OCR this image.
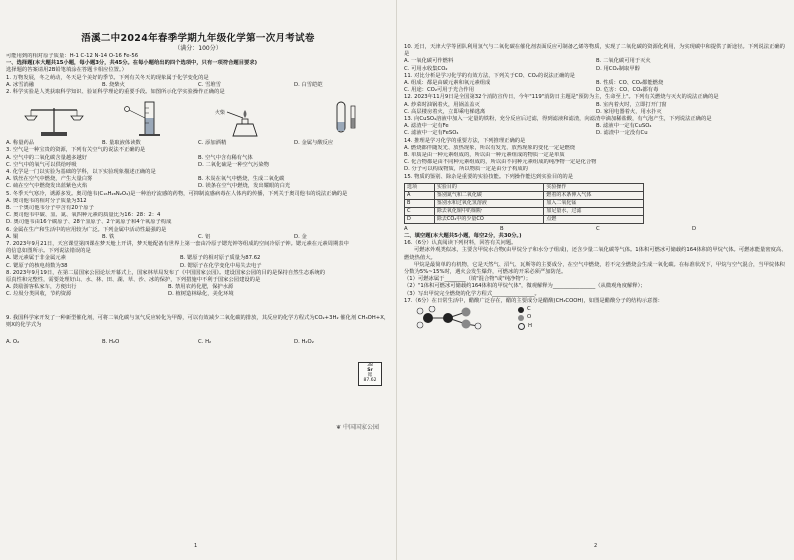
浯溪二中2024年春季学期九年级化学第一次月考试卷
（满分：100分）
可能用到的相对原子质量：H-1 C-12 N-14 O-16 Fe-56
一、选择题(本大题共15小题，每小题3分，共45分。在每小题给出的四个选项中，只有一项符合题目要求)
选择题的答案请用2B铅笔填涂在答题卡相应位置。）
1. 万物发展，冬之萌动，冬天是个美好的季节。下列有关冬天的现象属于化学变化的是
A. 冰雪消融	B. 烧柴火	C. 雪堆雪	D. 白雪皑皑
2. 科学实验是人类获取科学知识、验证科学理论的重要手段。如图所示化学实验操作正确的是
火柴
A. 称量药品	B. 量取液体读数	C. 添加酒精	D. 金属与酸反应
3. 空气是一种宝贵的资源，下列有关空气的说法不正确的是
A. 空气中的二氧化碳含量越多越好	B. 空气中含有稀有气体
C. 空气中的氧气可以供给呼吸	D. 二氧化硫是一种空气污染物
4. 化学是一门以实验为基础的学科，以下实验现象描述正确的是
A. 铁丝在空气中燃烧，产生大量白雾	B. 木炭在氧气中燃烧，生成二氧化碳
C. 硫在空气中燃烧发出蓝紫色火焰	D. 镁条在空气中燃烧，发出耀眼的白光
5. 冬季天气寒冷，诱源多发。奥司他韦(C₁₆H₂₈N₂O₄)是一种治疗流感的药物，可抑制流感病毒在人体内的传播，下列关于奥司他韦的说法正确的是
A. 奥司他韦的相对分子质量为312
B. 一个奥司他韦分子中含有20个原子
C. 奥司他韦中碳、氢、氮、氧四种元素的质量比为16：28：2：4
D. 奥司他韦由16个碳原子、28个氢原子、2个氮原子和4个氧原子构成
6. 金属在生产和生活中的应用较为广泛。下列金属中活动性最强的是
A. 铜	B. 铁	C. 铝	D. 金
7. 2023年9月21日，天宫课堂第四课在梦天舱上开讲，梦天舱配备有世界上第一套由冷原子锶光钟等组成的空间冷原子钟。锶元素在元素周期表中的信息如图所示。下列说法错误的是
A. 锶元素属于非金属元素	B. 锶原子的相对原子质量为87.62
C. 锶原子的核电荷数为38	D. 锶原子在化学变化中易失去电子
38
Sr
锶
87.62
8. 2023年9月19日，在第二届国家公园论坛开幕式上，国家林草局发布了《中国国家公园》。建设国家公园的目的是保持自然生态系统的原真性和完整性，需要处理好山、水、林、田、湖、草、沙、冰的保护，下列措施中不利于国家公园建设的是
A. 鼓励游客私家车，方便出行	B. 禁用农药化肥，保护水源
C. 垃圾分类回收，节约资源	D. 植树造林绿化，美化环境
❦ 中国国家公园
9. 我国科学家开发了一种新型催化剂，可将二氧化碳与氢气反应转化为甲醇，可以有效减少二氧化碳的排放，其反应的化学方程式为CO₂+3H₂ 催化剂 CH₃OH+X，则X的化学式为
A. O₂	B. H₂O	C. H₂	D. H₂O₂
1
10. 近日，天津大学等团队利用氢气与二氧化碳在催化剂表面反应可制备乙烯等物质，实现了二氧化碳的资源化利用，为实现碳中和提供了新途径。下列说法正确的是
A. 一氧化碳可作燃料	B. 二氧化碳可用于灭火
C. 可用水收集CO₂	D. 用CO₂制取甲醇
11. 对比分析是学习化学的有效方法，下列关于CO、CO₂的说法正确的是
A. 组成：都是由碳元素和氧元素组成	B. 性质：CO、CO₂都能燃烧
C. 用途：CO₂可用于光合作用	D. 危害：CO、CO₂都有毒
12. 2023年11月9日是全国第32个消防宣传日，今年"119"消防日主题是"预防为主，生命至上"。下列有关燃烧与灭火的说法正确的是
A. 炒菜时油锅着火，用锅盖盖灭	B. 室内着火时，立即打开门窗
C. 高层楼房着火，立即乘电梯逃离	D. 家用电器着火，用水扑灭
13. 向CuSO₄溶液中加入一定量的铁粉，充分反应后过滤，得到滤液和滤渣，向滤渣中滴加稀盐酸，有气泡产生，下列说法正确的是
A. 滤渣中一定有Fe	B. 滤液中一定有CuSO₄
C. 滤液中一定有FeSO₄	D. 滤渣中一定没有Cu
14. 推理是学习化学的重要方法，下列推理正确的是
A. 燃烧都伴随发光、放热现象，所以有发光、放热现象的变化一定是燃烧
B. 单质是由一种元素组成的，所以由一种元素组成的物质一定是单质
C. 化合物都是由不同种元素组成的，所以由不同种元素组成的纯净物一定是化合物
D. 分子可以构成物质，所以物质一定是由分子构成的
15. 物质的鉴别、除杂是重要的实验技能。下列操作能达到实验目的的是
选项	实验目的	实验操作
A	鉴别氮气和二氧化碳	燃着的木条伸入气体
B	鉴别水和过氧化氢溶液	加入二氧化锰
C	除去氧化铜中的铜粉	加足量水，过滤
D	除去CO₂中的少量CO	点燃
A	B	C	D
二、填空题(本大题共5小题，每空2分，共30分。)
16.（6分）认真阅读下列材料，回答有关问题。
可燃冰外观类似冰，主要含甲烷水合物(由甲烷分子和水分子组成)，还含少量二氧化碳等气体。1体积可燃冰可储载约164体积的甲烷气体。可燃冰能量密度高、燃烧热值大。
甲烷是最简单的有机物，它是天然气、沼气、瓦斯等的主要成分，在空气中燃烧，若不完全燃烧会生成一氧化碳。在标准状况下，甲烷与空气混合，当甲烷体积分数为5%~15%时，遇火会发生爆炸，可燃冰的开采必须严加防范。
（1）可燃冰属于________（填"混合物"或"纯净物"）；
（2）"1体积可燃冰可储载约164体积的甲烷气体"，微观解释为________________（从微观角度解释）；
（3）写出甲烷完全燃烧的化学方程式________________。
17.（6分）在日常生活中，醋酸广泛存在，醋的主要成分是醋酸(CH₃COOH)，如图是醋酸分子的结构示意图：
C
O
H
2
